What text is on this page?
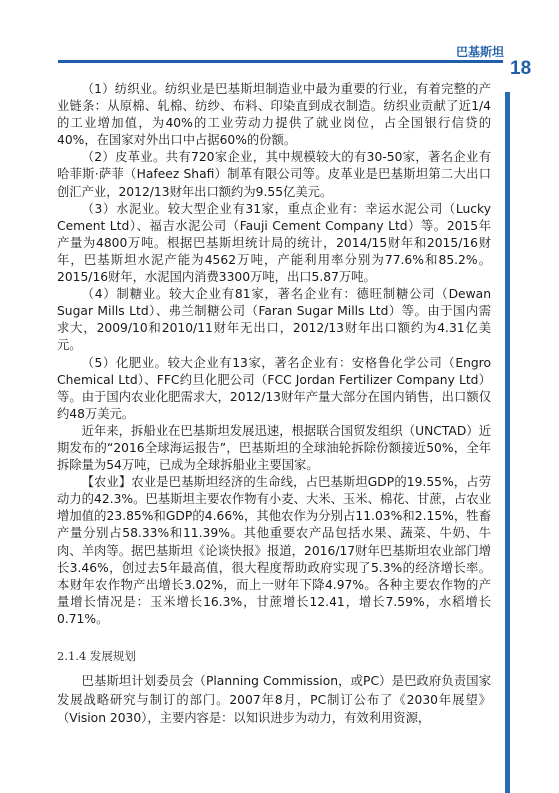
巴基斯坦
18

（1）纺织业。纺织业是巴基斯坦制造业中最为重要的行业，有着完整的产业链条：从原棉、轧棉、纺纱、布料、印染直到成衣制造。纺织业贡献了近1/4的工业增加值，为40%的工业劳动力提供了就业岗位，占全国银行信贷的40%，在国家对外出口中占据60%的份额。

（2）皮革业。共有720家企业，其中规模较大的有30-50家，著名企业有哈菲斯·萨菲（Hafeez Shafi）制革有限公司等。皮革业是巴基斯坦第二大出口创汇产业，2012/13财年出口额约为9.55亿美元。

（3）水泥业。较大型企业有31家，重点企业有：幸运水泥公司（Lucky Cement Ltd）、福吉水泥公司（Fauji Cement Company Ltd）等。2015年产量为4800万吨。根据巴基斯坦统计局的统计，2014/15财年和2015/16财年，巴基斯坦水泥产能为4562万吨，产能利用率分别为77.6%和85.2%。2015/16财年，水泥国内消费3300万吨，出口5.87万吨。

（4）制糖业。较大企业有81家，著名企业有：德旺制糖公司（Dewan Sugar Mills Ltd）、弗兰制糖公司（Faran Sugar Mills Ltd）等。由于国内需求大，2009/10和2010/11财年无出口，2012/13财年出口额约为4.31亿美元。

（5）化肥业。较大企业有13家，著名企业有：安格鲁化学公司（Engro Chemical Ltd）、FFC约旦化肥公司（FCC Jordan Fertilizer Company Ltd）等。由于国内农业化肥需求大，2012/13财年产量大部分在国内销售，出口额仅约48万美元。

近年来，拆船业在巴基斯坦发展迅速，根据联合国贸发组织（UNCTAD）近期发布的“2016全球海运报告”，巴基斯坦的全球油轮拆除份额接近50%，全年拆除量为54万吨，已成为全球拆船业主要国家。

【农业】农业是巴基斯坦经济的生命线，占巴基斯坦GDP的19.55%，占劳动力的42.3%。巴基斯坦主要农作物有小麦、大米、玉米、棉花、甘蔗，占农业增加值的23.85%和GDP的4.66%，其他农作为分别占11.03%和2.15%，牲畜产量分别占58.33%和11.39%。其他重要农产品包括水果、蔬菜、牛奶、牛肉、羊肉等。据巴基斯坦《论谈快报》报道，2016/17财年巴基斯坦农业部门增长3.46%，创过去5年最高值，很大程度帮助政府实现了5.3%的经济增长率。本财年农作物产出增长3.02%，而上一财年下降4.97%。各种主要农作物的产量增长情况是：玉米增长16.3%，甘蔗增长12.41，增长7.59%，水稻增长0.71%。

2.1.4 发展规划

巴基斯坦计划委员会（Planning Commission，或PC）是巴政府负责国家发展战略研究与制订的部门。2007年8月，PC制订公布了《2030年展望》（Vision 2030），主要内容是：以知识进步为动力，有效利用资源，
